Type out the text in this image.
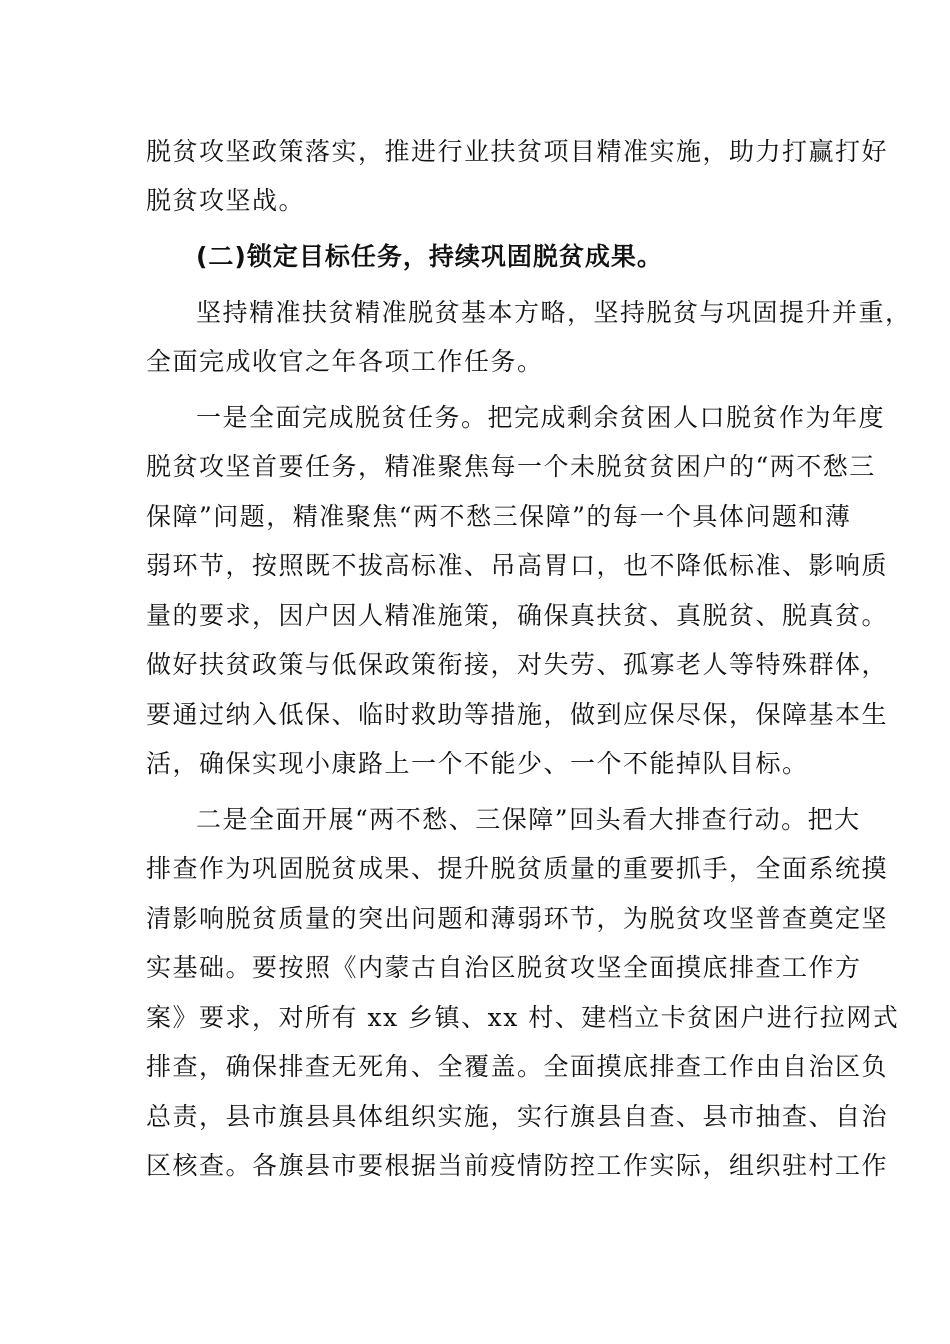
脱贫攻坚政策落实，推进行业扶贫项目精准实施，助力打赢打好
脱贫攻坚战。
(二)锁定目标任务，持续巩固脱贫成果。
坚持精准扶贫精准脱贫基本方略，坚持脱贫与巩固提升并重，
全面完成收官之年各项工作任务。
一是全面完成脱贫任务。把完成剩余贫困人口脱贫作为年度
脱贫攻坚首要任务，精准聚焦每一个未脱贫贫困户的“两不愁三
保障”问题，精准聚焦“两不愁三保障”的每一个具体问题和薄
弱环节，按照既不拔高标准、吊高胃口，也不降低标准、影响质
量的要求，因户因人精准施策，确保真扶贫、真脱贫、脱真贫。
做好扶贫政策与低保政策衔接，对失劳、孤寡老人等特殊群体，
要通过纳入低保、临时救助等措施，做到应保尽保，保障基本生
活，确保实现小康路上一个不能少、一个不能掉队目标。
二是全面开展“两不愁、三保障”回头看大排查行动。把大
排查作为巩固脱贫成果、提升脱贫质量的重要抓手，全面系统摸
清影响脱贫质量的突出问题和薄弱环节，为脱贫攻坚普查奠定坚
实基础。要按照《内蒙古自治区脱贫攻坚全面摸底排查工作方
案》要求，对所有 xx 乡镇、xx 村、建档立卡贫困户进行拉网式
排查，确保排查无死角、全覆盖。全面摸底排查工作由自治区负
总责，县市旗县具体组织实施，实行旗县自查、县市抽查、自治
区核查。各旗县市要根据当前疫情防控工作实际，组织驻村工作
